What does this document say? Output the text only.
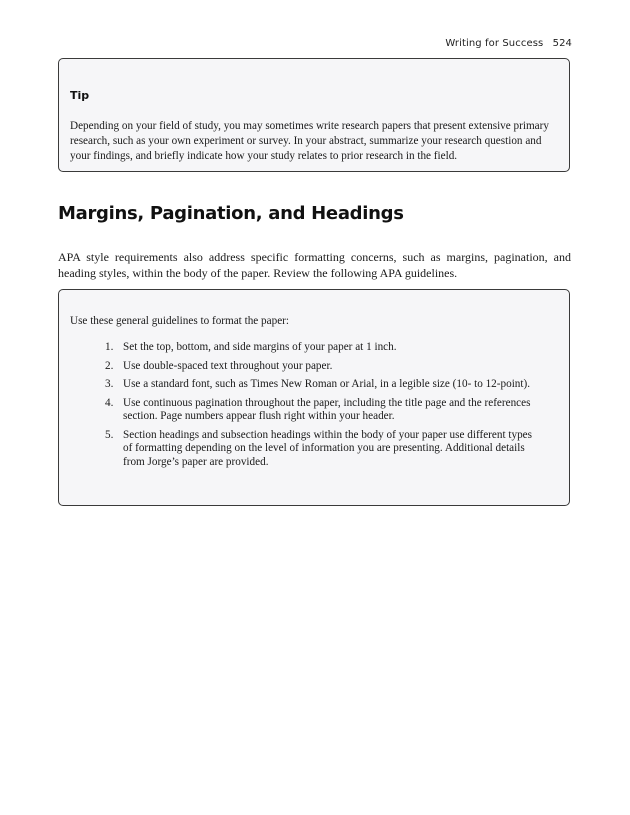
Writing for Success 524

Tip

Depending on your field of study, you may sometimes write research papers that present extensive primary research, such as your own experiment or survey. In your abstract, summarize your research question and your findings, and briefly indicate how your study relates to prior research in the field.

Margins, Pagination, and Headings

APA style requirements also address specific formatting concerns, such as margins, pagination, and heading styles, within the body of the paper. Review the following APA guidelines.

Use these general guidelines to format the paper:

1. Set the top, bottom, and side margins of your paper at 1 inch.
2. Use double-spaced text throughout your paper.
3. Use a standard font, such as Times New Roman or Arial, in a legible size (10- to 12-point).
4. Use continuous pagination throughout the paper, including the title page and the references section. Page numbers appear flush right within your header.
5. Section headings and subsection headings within the body of your paper use different types of formatting depending on the level of information you are presenting. Additional details from Jorge’s paper are provided.
